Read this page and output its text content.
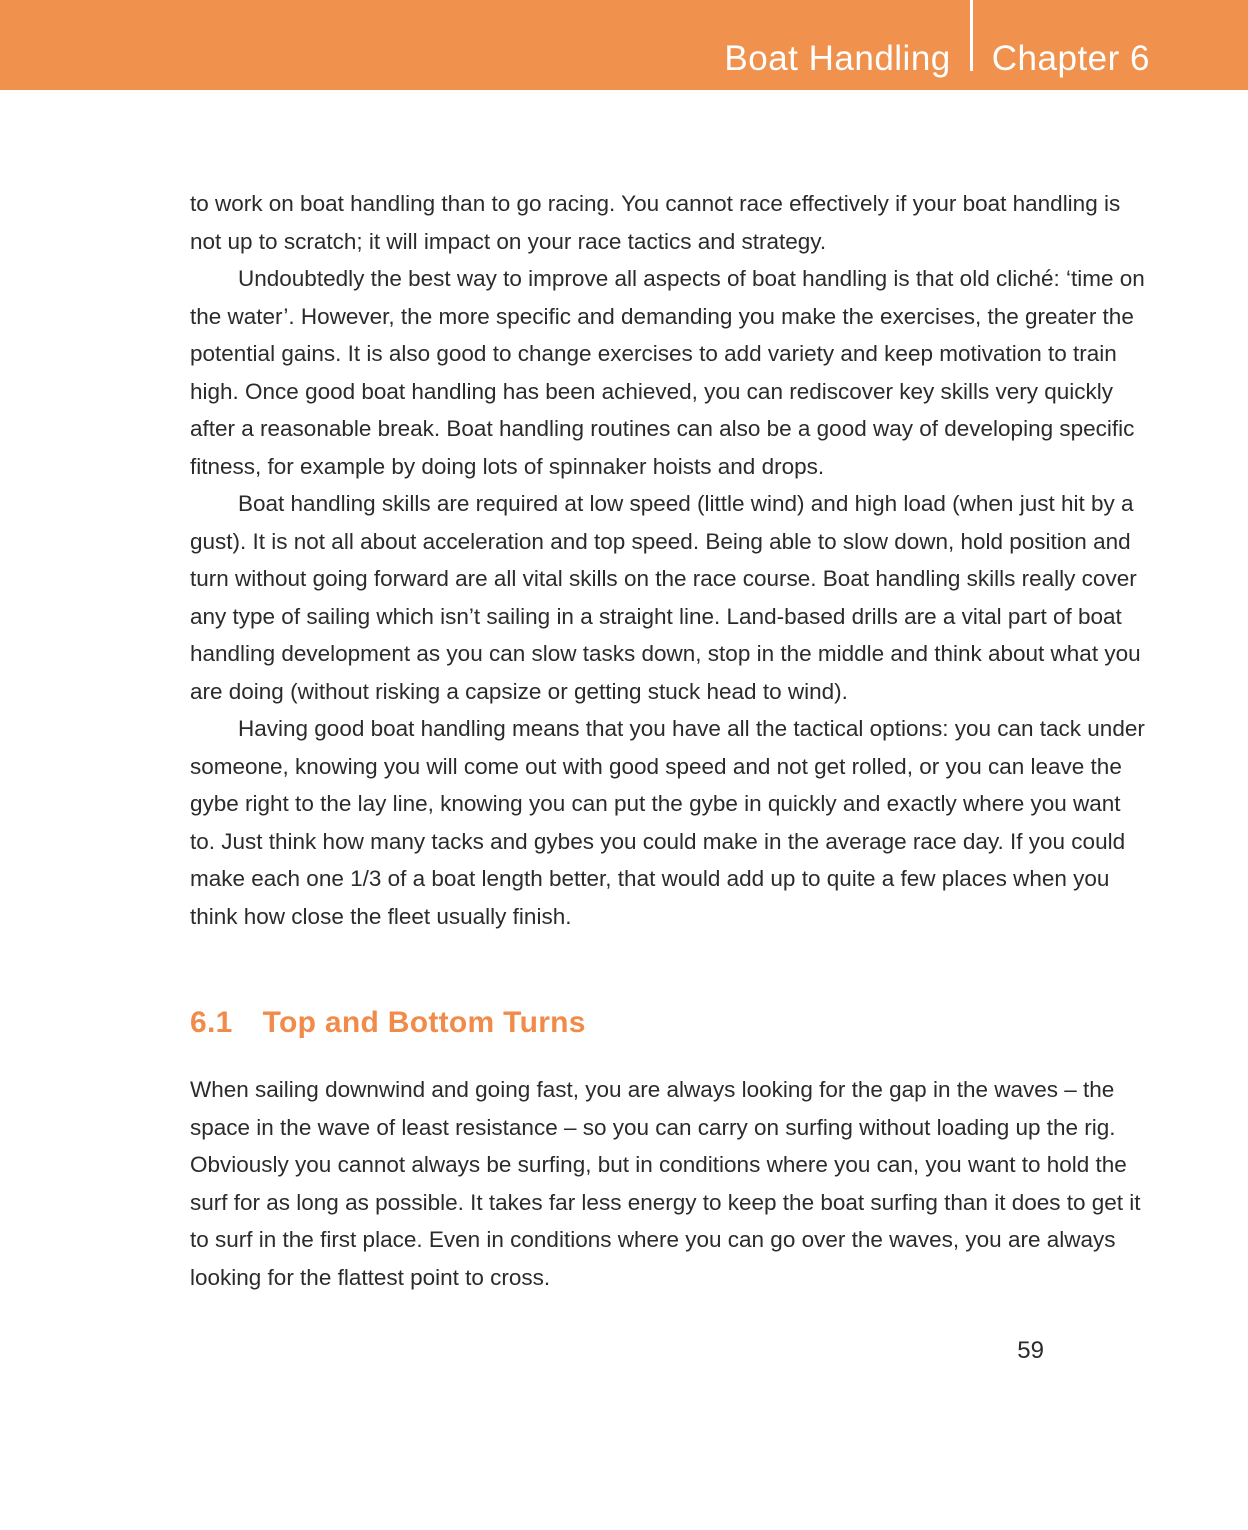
Boat Handling Chapter 6

to work on boat handling than to go racing. You cannot race effectively if your boat handling is not up to scratch; it will impact on your race tactics and strategy.

Undoubtedly the best way to improve all aspects of boat handling is that old cliché: ‘time on the water’. However, the more specific and demanding you make the exercises, the greater the potential gains. It is also good to change exercises to add variety and keep motivation to train high. Once good boat handling has been achieved, you can rediscover key skills very quickly after a reasonable break. Boat handling routines can also be a good way of developing specific fitness, for example by doing lots of spinnaker hoists and drops.

Boat handling skills are required at low speed (little wind) and high load (when just hit by a gust). It is not all about acceleration and top speed. Being able to slow down, hold position and turn without going forward are all vital skills on the race course. Boat handling skills really cover any type of sailing which isn’t sailing in a straight line. Land-based drills are a vital part of boat handling development as you can slow tasks down, stop in the middle and think about what you are doing (without risking a capsize or getting stuck head to wind).

Having good boat handling means that you have all the tactical options: you can tack under someone, knowing you will come out with good speed and not get rolled, or you can leave the gybe right to the lay line, knowing you can put the gybe in quickly and exactly where you want to. Just think how many tacks and gybes you could make in the average race day. If you could make each one 1/3 of a boat length better, that would add up to quite a few places when you think how close the fleet usually finish.

6.1 Top and Bottom Turns

When sailing downwind and going fast, you are always looking for the gap in the waves – the space in the wave of least resistance – so you can carry on surfing without loading up the rig. Obviously you cannot always be surfing, but in conditions where you can, you want to hold the surf for as long as possible. It takes far less energy to keep the boat surfing than it does to get it to surf in the first place. Even in conditions where you can go over the waves, you are always looking for the flattest point to cross.

59
